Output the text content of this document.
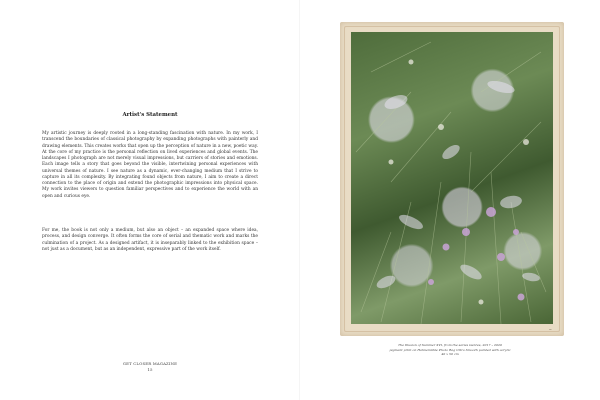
Artist's Statement

My artistic journey is deeply rooted in a long-standing fascination with nature. In my work, I transcend the boundaries of classical photography by expanding photographs with painterly and drawing elements. This creates works that open up the perception of nature in a new, poetic way. At the core of my practice is the personal reflection on lived experiences and global events. The landscapes I photograph are not merely visual impressions, but carriers of stories and emotions. Each image tells a story that goes beyond the visible, intertwining personal experiences with universal themes of nature. I see nature as a dynamic, ever-changing medium that I strive to capture in all its complexity. By integrating found objects from nature, I aim to create a direct connection to the place of origin and extend the photographic impressions into physical space. My work invites viewers to question familiar perspectives and to experience the world with an open and curious eye.

For me, the book is not only a medium, but also an object – an expanded space where idea, process, and design converge. It often forms the core of serial and thematic work and marks the culmination of a project. As a designed artifact, it is inseparably linked to the exhibition space – not just as a document, but as an independent, expressive part of the work itself.

GET CLOSER MAGAZINE
15
~
The Illusion of Summer XVI, from the series Genres, 2017 – 2020
pigment print on Hahnemühle Photo Rag Ultra Smooth painted with acrylic
40 x 50 cm
